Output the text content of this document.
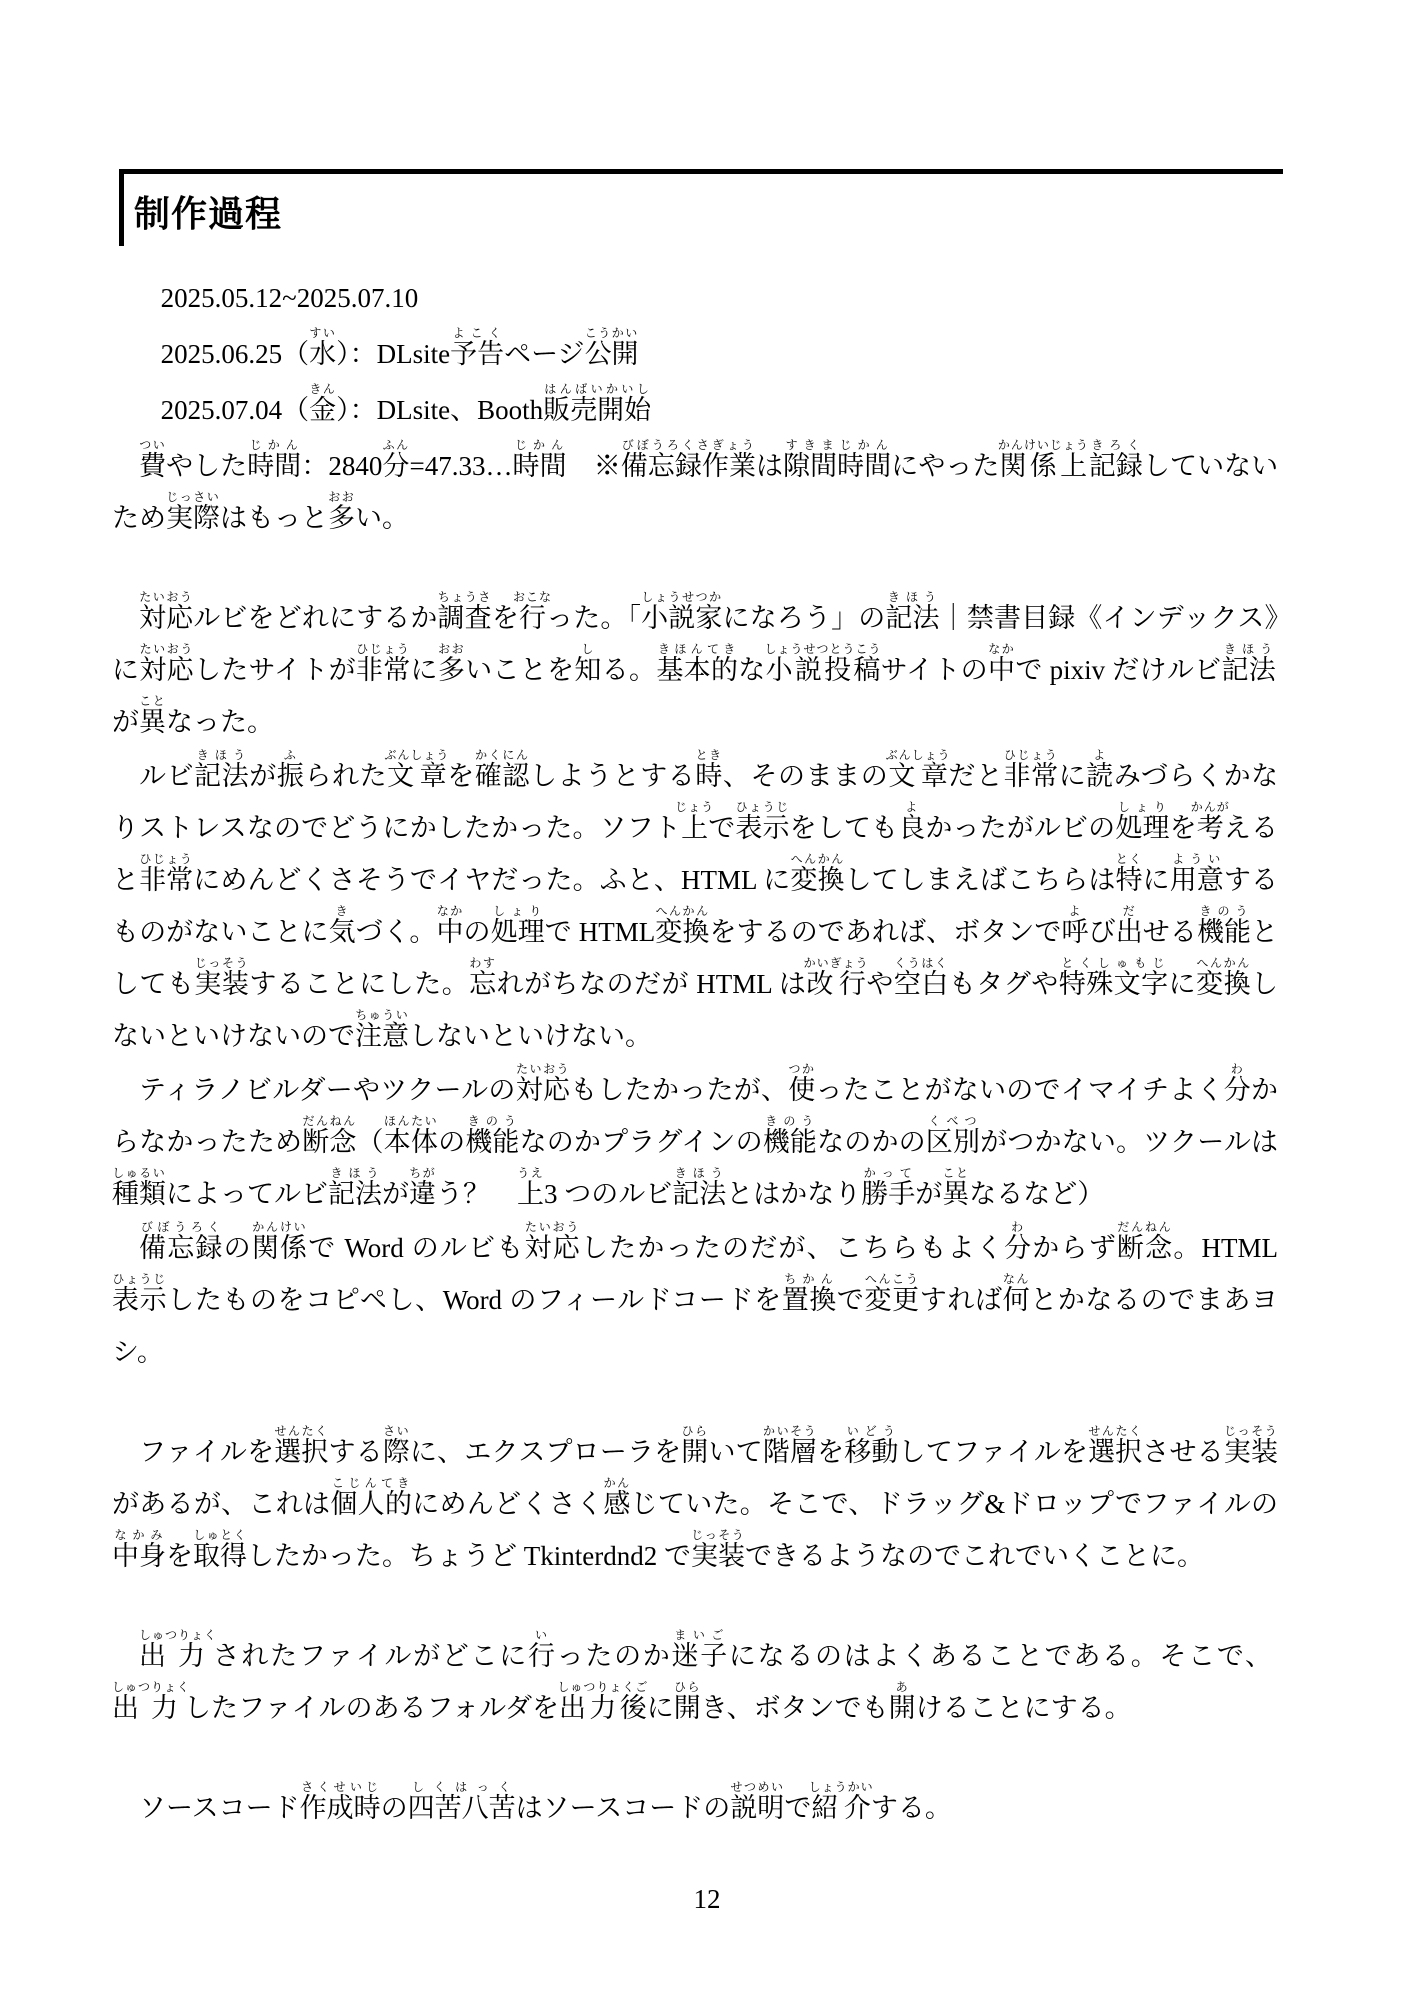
制作過程

2025.05.12~2025.07.10

2025.06.25（水すい）：DLsite予告よこくページ公開こうかい

2025.07.04（金きん）：DLsite、Booth販売開始はんばいかいし

費ついやした時間じかん：2840分ふん=47.33…時間じかん　※備忘録作業びぼうろくさぎょうは隙間時間すきまじかんにやった関係上かんけいじょう記録きろくしていないため実際じっさいはもっと多おおい。

対応たいおうルビをどれにするか調査ちょうさを行おこなった。「小説家しょうせつかになろう」の記法きほう｜禁書目録《インデックス》に対応たいおうしたサイトが非常ひじょうに多おおいことを知しる。基本的きほんてきな小説投稿しょうせつとうこうサイトの中なかで pixiv だけルビ記法きほうが異ことなった。

ルビ記法きほうが振ふられた文章ぶんしょうを確認かくにんしようとする時とき、そのままの文章ぶんしょうだと非常ひじょうに読よみづらくかなりストレスなのでどうにかしたかった。ソフト上じょうで表示ひょうじをしても良よかったがルビの処理しょりを考かんがえると非常ひじょうにめんどくさそうでイヤだった。ふと、HTML に変換へんかんしてしまえばこちらは特とくに用意よういするものがないことに気きづく。中なかの処理しょりで HTML変換へんかんをするのであれば、ボタンで呼よび出だせる機能きのうとしても実装じっそうすることにした。忘わすれがちなのだが HTML は改行かいぎょうや空白くうはくもタグや特殊文字とくしゅもじに変換へんかんしないといけないので注意ちゅういしないといけない。

ティラノビルダーやツクールの対応たいおうもしたかったが、使つかったことがないのでイマイチよく分わからなかったため断念だんねん（本体ほんたいの機能きのうなのかプラグインの機能きのうなのかの区別くべつがつかない。ツクールは種類しゅるいによってルビ記法きほうが違ちがう？　上うえ3 つのルビ記法きほうとはかなり勝手かってが異ことなるなど）

備忘録びぼうろくの関係かんけいで Word のルビも対応たいおうしたかったのだが、こちらもよく分わからず断念だんねん。HTML表示ひょうじしたものをコピペし、Word のフィールドコードを置換ちかんで変更へんこうすれば何なんとかなるのでまあヨシ。

ファイルを選択せんたくする際さいに、エクスプローラを開ひらいて階層かいそうを移動いどうしてファイルを選択せんたくさせる実装じっそうがあるが、これは個人的こじんてきにめんどくさく感かんじていた。そこで、ドラッグ&ドロップでファイルの中身なかみを取得しゅとくしたかった。ちょうど Tkinterdnd2 で実装じっそうできるようなのでこれでいくことに。

出力しゅつりょくされたファイルがどこに行いったのか迷子まいごになるのはよくあることである。そこで、出力しゅつりょくしたファイルのあるフォルダを出力後しゅつりょくごに開ひらき、ボタンでも開あけることにする。

ソースコード作成時さくせいじの四苦八苦しくはっくはソースコードの説明せつめいで紹介しょうかいする。

12
